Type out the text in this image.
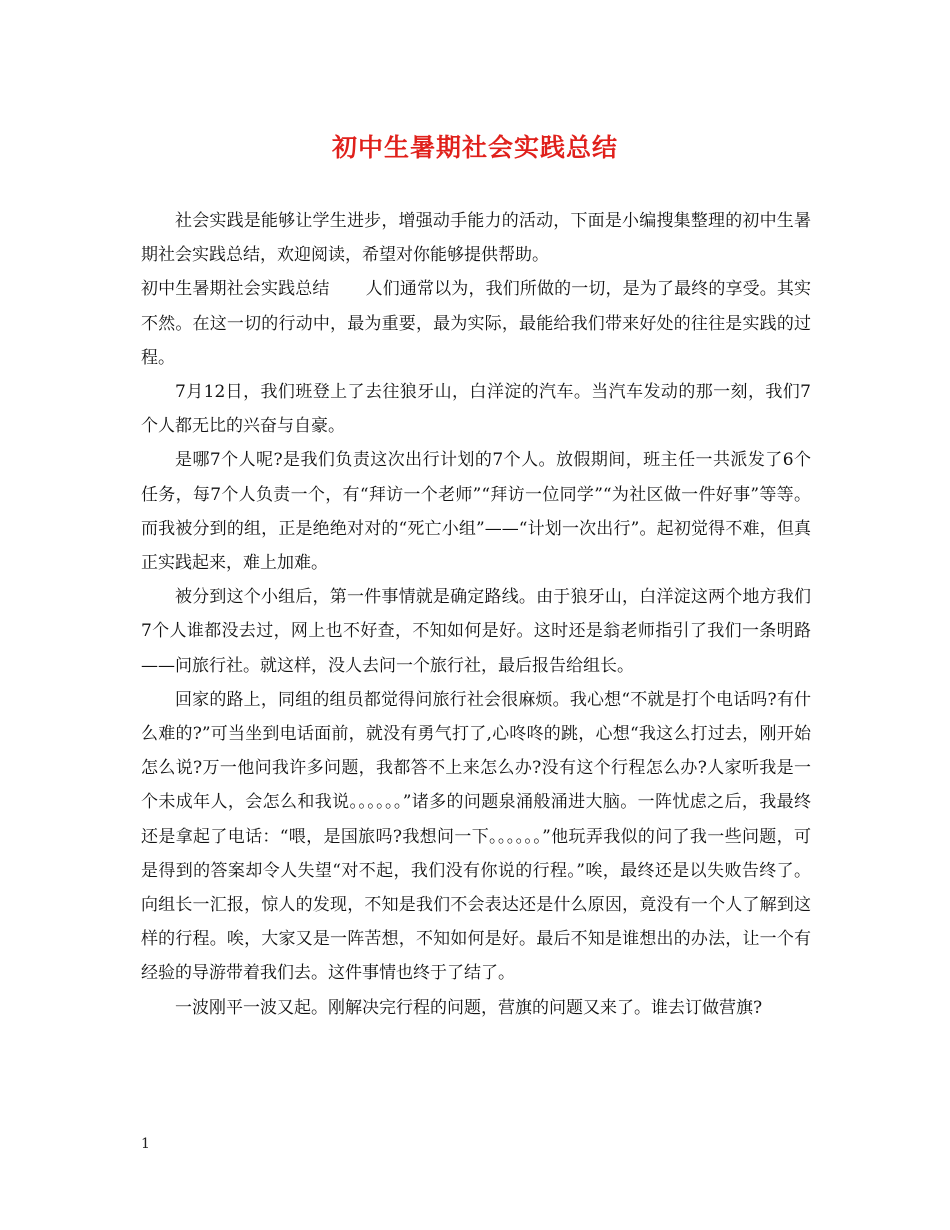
初中生暑期社会实践总结

社会实践是能够让学生进步，增强动手能力的活动，下面是小编搜集整理的初中生暑期社会实践总结，欢迎阅读，希望对你能够提供帮助。

初中生暑期社会实践总结 人们通常以为，我们所做的一切，是为了最终的享受。其实不然。在这一切的行动中，最为重要，最为实际，最能给我们带来好处的往往是实践的过程。

7月12日，我们班登上了去往狼牙山，白洋淀的汽车。当汽车发动的那一刻，我们7个人都无比的兴奋与自豪。

是哪7个人呢?是我们负责这次出行计划的7个人。放假期间，班主任一共派发了6个任务，每7个人负责一个，有“拜访一个老师”“拜访一位同学”“为社区做一件好事”等等。而我被分到的组，正是绝绝对对的“死亡小组”——“计划一次出行”。起初觉得不难，但真正实践起来，难上加难。

被分到这个小组后，第一件事情就是确定路线。由于狼牙山，白洋淀这两个地方我们7个人谁都没去过，网上也不好查，不知如何是好。这时还是翁老师指引了我们一条明路——问旅行社。就这样，没人去问一个旅行社，最后报告给组长。

回家的路上，同组的组员都觉得问旅行社会很麻烦。我心想“不就是打个电话吗?有什么难的?”可当坐到电话面前，就没有勇气打了,心咚咚的跳，心想“我这么打过去，刚开始怎么说?万一他问我许多问题，我都答不上来怎么办?没有这个行程怎么办?人家听我是一个未成年人，会怎么和我说。。。。。。”诸多的问题泉涌般涌进大脑。一阵忧虑之后，我最终还是拿起了电话：“喂，是国旅吗?我想问一下。。。。。。”他玩弄我似的问了我一些问题，可是得到的答案却令人失望“对不起，我们没有你说的行程。”唉，最终还是以失败告终了。向组长一汇报，惊人的发现，不知是我们不会表达还是什么原因，竟没有一个人了解到这样的行程。唉，大家又是一阵苦想，不知如何是好。最后不知是谁想出的办法，让一个有经验的导游带着我们去。这件事情也终于了结了。

一波刚平一波又起。刚解决完行程的问题，营旗的问题又来了。谁去订做营旗?

1
